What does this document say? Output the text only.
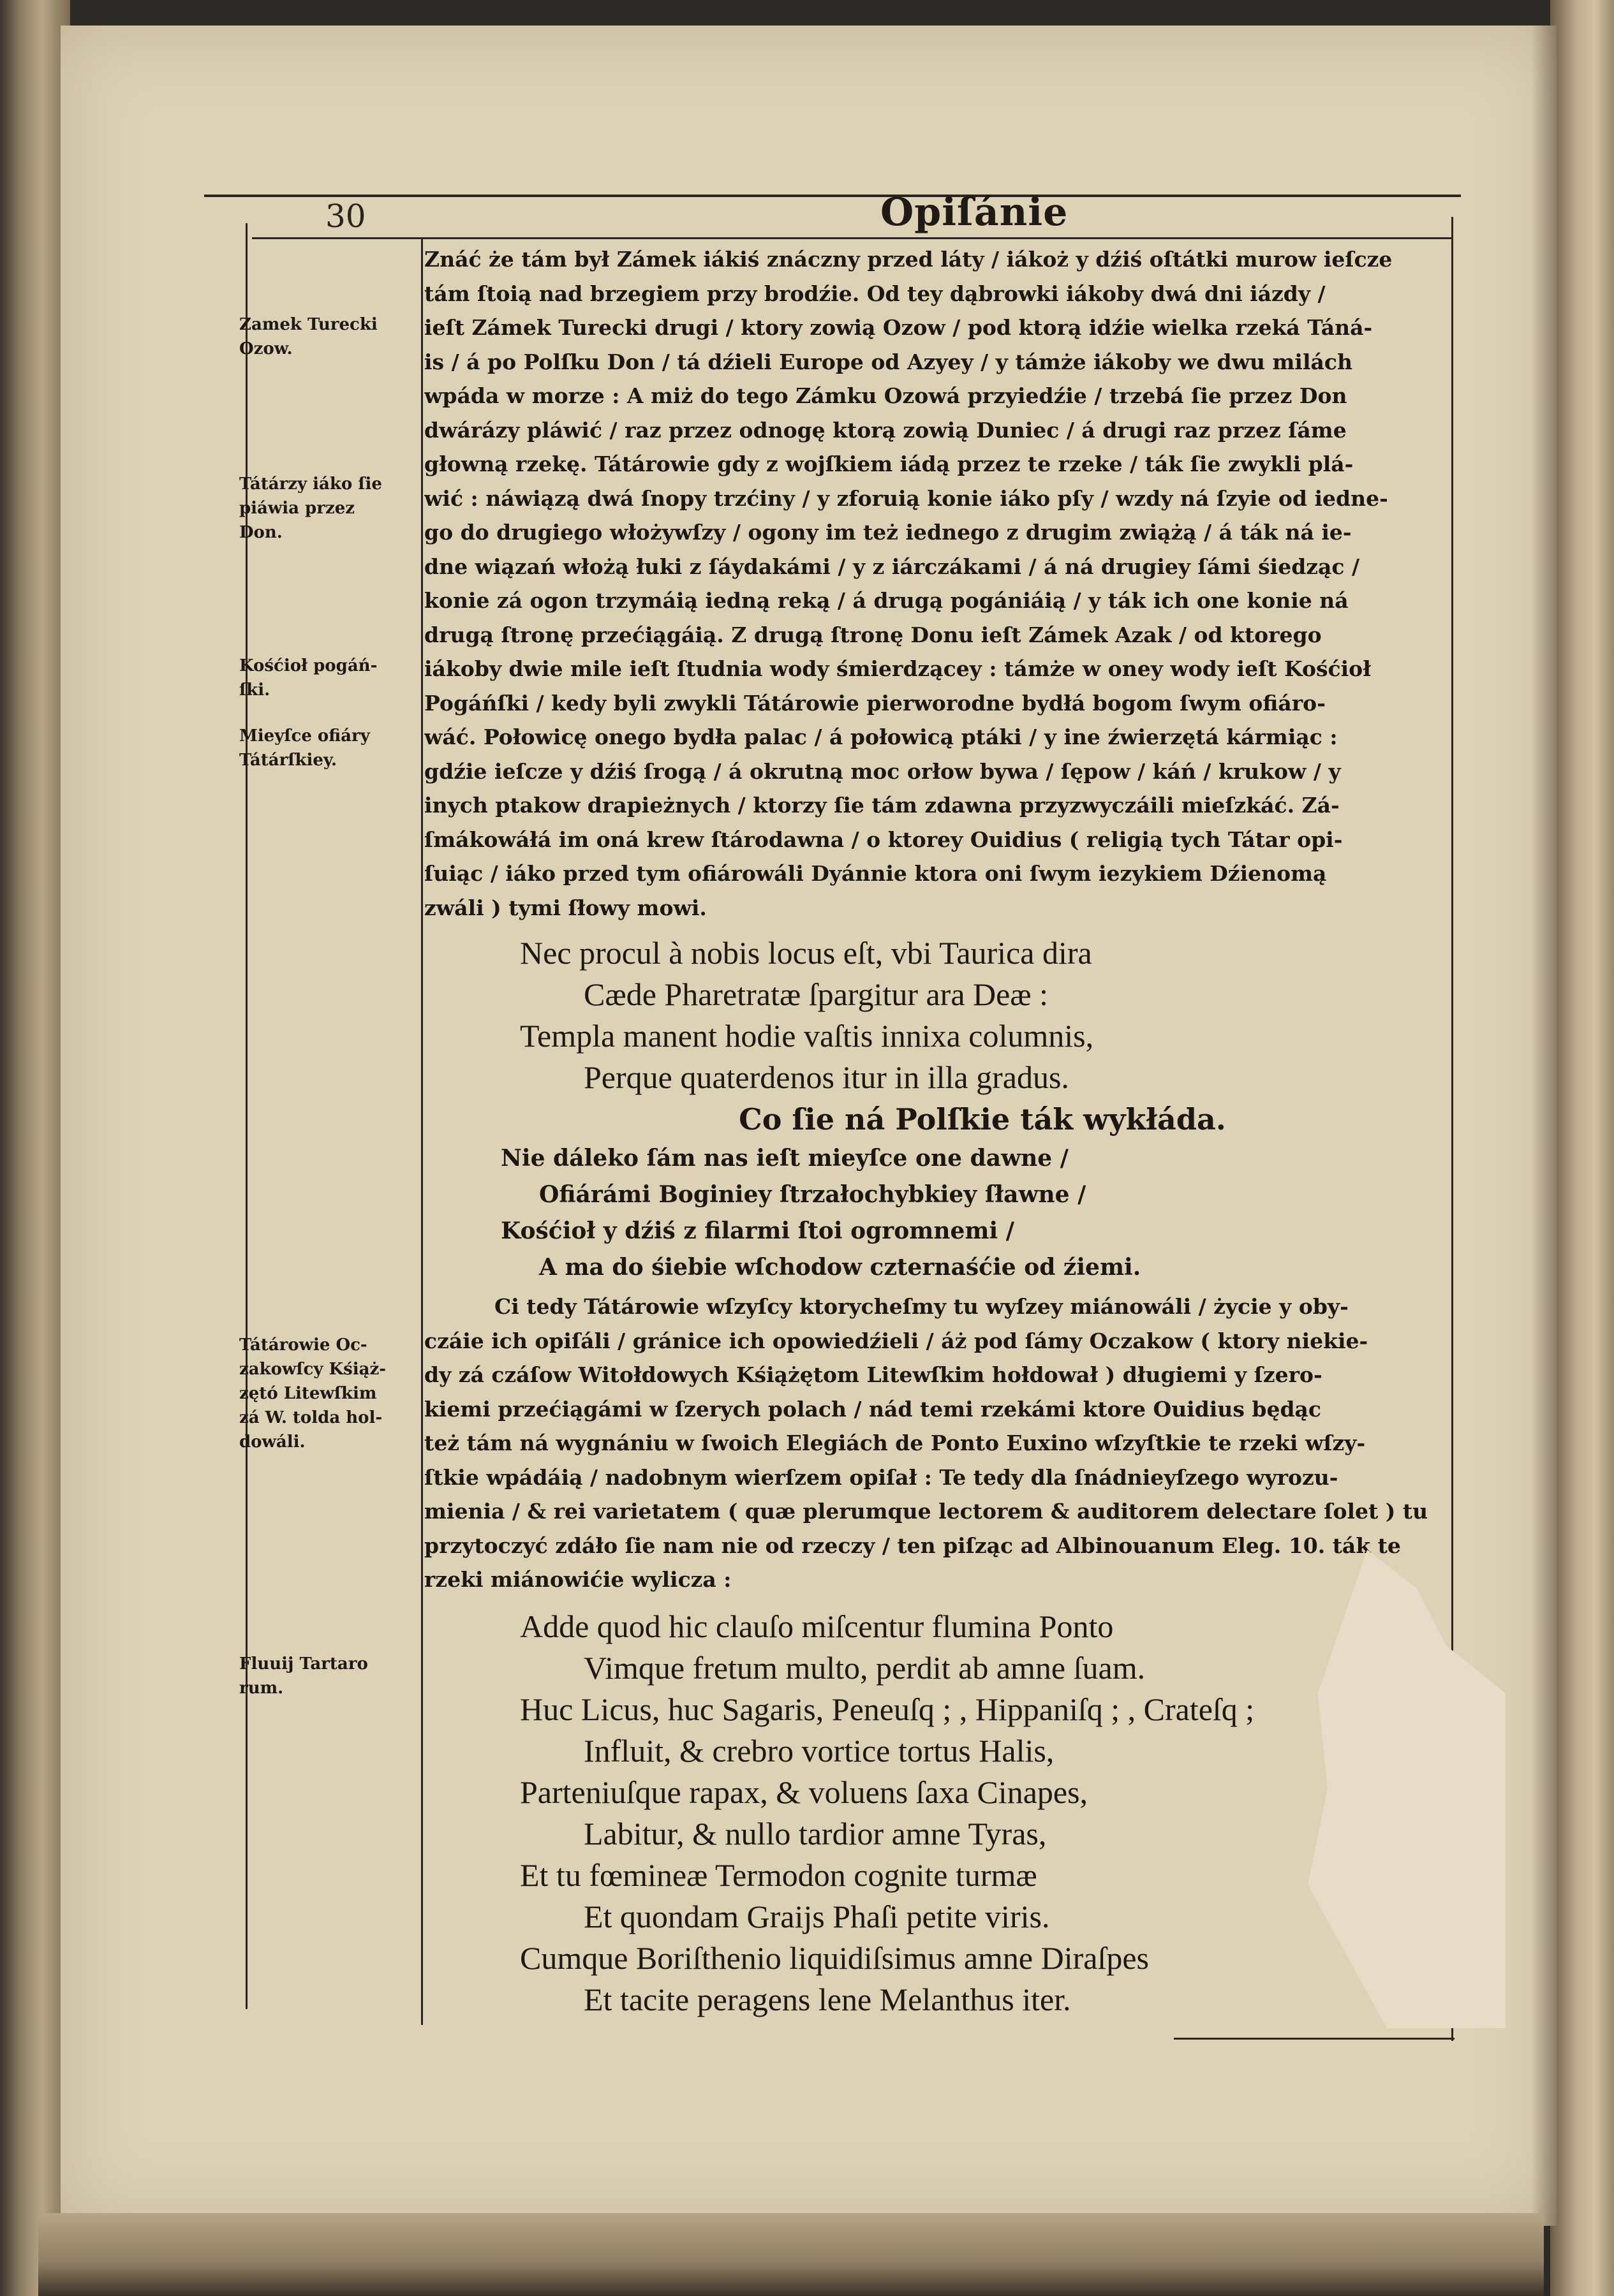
30	Opiſánie
Zamek Turecki
Ozow.
Tátárzy iáko ſie
piáwia przez
Don.
Kośćioł pogáń-
ſki.
Mieyſce ofiáry
Tátárſkiey.
Tátárowie Oc-
zakowſcy Kśiąż-
zętó Litewſkim
zá W. tolda hol-
dowáli.
Fluuij Tartaro
rum.
Znáć że tám był Zámek iákiś znáczny przed láty / iákoż y dźiś oſtátki murow ieſcze
tám ſtoią nad brzegiem przy brodźie. Od tey dąbrowki iákoby dwá dni iázdy /
ieſt Zámek Turecki drugi / ktory zowią Ozow / pod ktorą idźie wielka rzeká Táná-
is / á po Polſku Don / tá dźieli Europe od Azyey / y támże iákoby we dwu milách
wpáda w morze : A miż do tego Zámku Ozowá przyiedźie / trzebá ſie przez Don
dwárázy pláwić / raz przez odnogę ktorą zowią Duniec / á drugi raz przez ſáme
głowną rzekę. Tátárowie gdy z wojſkiem iádą przez te rzeke / ták ſie zwykli plá-
wić : náwiązą dwá ſnopy trzćiny / y zforuią konie iáko pſy / wzdy ná ſzyie od iedne-
go do drugiego włożywſzy / ogony im też iednego z drugim zwiążą / á ták ná ie-
dne wiązań włożą łuki z ſáydakámi / y z iárczákami / á ná drugiey ſámi śiedząc /
konie zá ogon trzymáią iedną reką / á drugą pogániáią / y ták ich one konie ná
drugą ſtronę przećiągáią. Z drugą ſtronę Donu ieſt Zámek Azak / od ktorego
iákoby dwie mile ieſt ſtudnia wody śmierdzącey : támże w oney wody ieſt Kośćioł
Pogáńſki / kedy byli zwykli Tátárowie pierworodne bydłá bogom ſwym ofiáro-
wáć. Połowicę onego bydła palac / á połowicą ptáki / y ine źwierzętá kármiąc :
gdźie ieſcze y dźiś ſrogą / á okrutną moc orłow bywa / ſępow / káń / krukow / y
inych ptakow drapieżnych / ktorzy ſie tám zdawna przyzwyczáili mieſzkáć. Zá-
ſmákowáłá im oná krew ſtárodawna / o ktorey Ouidius ( religią tych Tátar opi-
ſuiąc / iáko przed tym ofiárowáli Dyánnie ktora oni ſwym iezykiem Dźienomą
zwáli ) tymi ſłowy mowi.
Nec procul à nobis locus eſt, vbi Taurica dira
Cæde Pharetratæ ſpargitur ara Deæ :
Templa manent hodie vaſtis innixa columnis,
Perque quaterdenos itur in illa gradus.
Co ſie ná Polſkie ták wykłáda.
Nie dáleko ſám nas ieſt mieyſce one dawne /
Ofiárámi Boginiey ſtrzałochybkiey ſławne /
Kośćioł y dźiś z filarmi ſtoi ogromnemi /
A ma do śiebie wſchodow czternaśćie od źiemi.
Ci tedy Tátárowie wſzyſcy ktorycheſmy tu wyſzey miánowáli / życie y oby-
czáie ich opiſáli / gránice ich opowiedźieli / áż pod ſámy Oczakow ( ktory niekie-
dy zá czáſow Witołdowych Kśiążętom Litewſkim hołdował ) długiemi y ſzero-
kiemi przećiągámi w ſzerych polach / nád temi rzekámi ktore Ouidius będąc
też tám ná wygnániu w ſwoich Elegiách de Ponto Euxino wſzyſtkie te rzeki wſzy-
ſtkie wpádáią / nadobnym wierſzem opiſał : Te tedy dla ſnádnieyſzego wyrozu-
mienia / & rei varietatem ( quæ plerumque lectorem & auditorem delectare ſolet ) tu
przytoczyć zdáło ſie nam nie od rzeczy / ten piſząc ad Albinouanum Eleg. 10. ták te
rzeki miánowićie wylicza :
Adde quod hic clauſo miſcentur flumina Ponto
Vimque fretum multo, perdit ab amne ſuam.
Huc Licus, huc Sagaris, Peneuſq ; , Hippaniſq ; , Crateſq ;
Influit, & crebro vortice tortus Halis,
Parteniuſque rapax, & voluens ſaxa Cinapes,
Labitur, & nullo tardior amne Tyras,
Et tu fœmineæ Termodon cognite turmæ
Et quondam Graijs Phaſi petite viris.
Cumque Boriſthenio liquidiſsimus amne Diraſpes
Et tacite peragens lene Melanthus iter.
